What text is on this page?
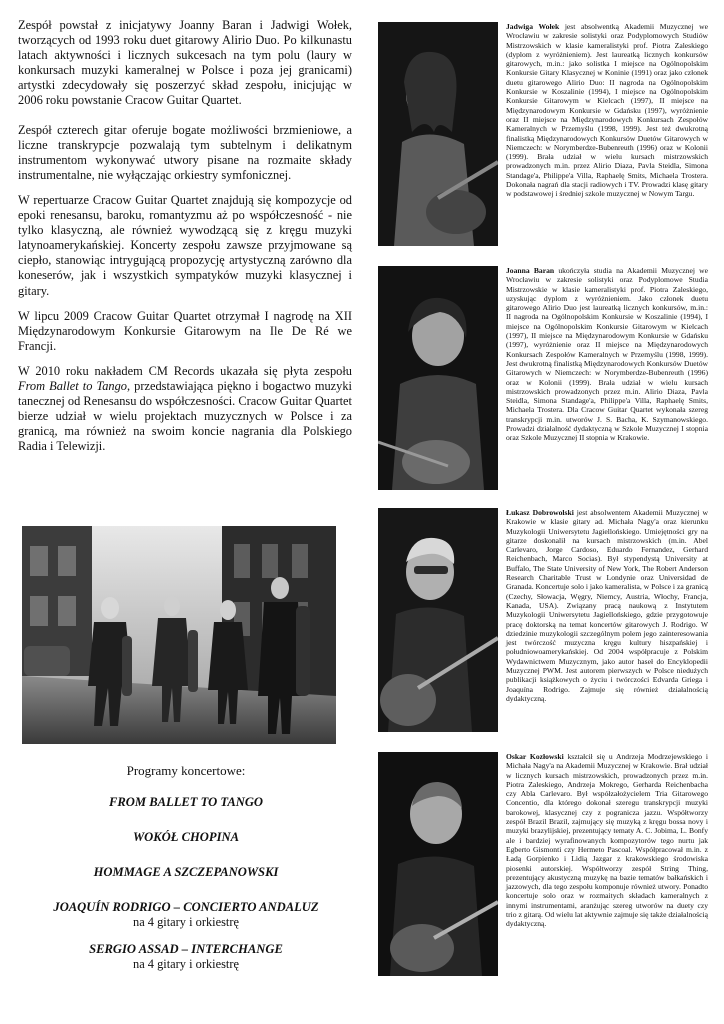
Zespół powstał z inicjatywy Joanny Baran i Jadwigi Wołek, tworzących od 1993 roku duet gitarowy Alirio Duo. Po kilkunastu latach aktywności i licznych sukcesach na tym polu (laury w konkursach muzyki kameralnej w Polsce i poza jej granicami) artystki zdecydowały się poszerzyć skład zespołu, inicjując w 2006 roku powstanie Cracow Guitar Quartet.

Zespół czterech gitar oferuje bogate możliwości brzmieniowe, a liczne transkrypcje pozwalają tym subtelnym i delikatnym instrumentom wykonywać utwory pisane na rozmaite składy instrumentalne, nie wyłączając orkiestry symfonicznej.

W repertuarze Cracow Guitar Quartet znajdują się kompozycje od epoki renesansu, baroku, romantyzmu aż po współczesność - nie tylko klasyczną, ale również wywodzącą się z kręgu muzyki latynoamerykańskiej. Koncerty zespołu zawsze przyjmowane są ciepło, stanowiąc intrygującą propozycję artystyczną zarówno dla koneserów, jak i wszystkich sympatyków muzyki klasycznej i gitary.

W lipcu 2009 Cracow Guitar Quartet otrzymał I nagrodę na XII Międzynarodowym Konkursie Gitarowym na Ile De Ré we Francji.

W 2010 roku nakładem CM Records ukazała się płyta zespołu From Ballet to Tango, przedstawiająca piękno i bogactwo muzyki tanecznej od Renesansu do współczesności. Cracow Guitar Quartet bierze udział w wielu projektach muzycznych w Polsce i za granicą, ma również na swoim koncie nagrania dla Polskiego Radia i Telewizji.

Programy koncertowe:

FROM BALLET TO TANGO

WOKÓŁ CHOPINA

HOMMAGE A SZCZEPANOWSKI

JOAQUÍN RODRIGO – CONCIERTO ANDALUZ

na 4 gitary i orkiestrę

SERGIO ASSAD – INTERCHANGE

na 4 gitary i orkiestrę

Jadwiga Wołek jest absolwentką Akademii Muzycznej we Wrocławiu w zakresie solistyki oraz Podyplomowych Studiów Mistrzowskich w klasie kameralistyki prof. Piotra Zaleskiego (dyplom z wyróżnieniem). Jest laureatką licznych konkursów gitarowych, m.in.: jako solistka I miejsce na Ogólnopolskim Konkursie Gitary Klasycznej w Koninie (1991) oraz jako członek duetu gitarowego Alirio Duo: II nagroda na Ogólnopolskim Konkursie w Koszalinie (1994), I miejsce na Ogólnopolskim Konkursie Gitarowym w Kielcach (1997), II miejsce na Międzynarodowym Konkursie w Gdańsku (1997), wyróżnienie oraz II miejsce na Międzynarodowych Konkursach Zespołów Kameralnych w Przemyślu (1998, 1999). Jest też dwukrotną finalistką Międzynarodowych Konkursów Duetów Gitarowych w Niemczech: w Norymberdze-Bubenreuth (1996) oraz w Kolonii (1999). Brała udział w wielu kursach mistrzowskich prowadzonych m.in. przez Alirio Diaza, Pavla Steidla, Simona Standage'a, Philippe'a Villa, Raphaelę Smits, Michaela Trostera. Dokonała nagrań dla stacji radiowych i TV. Prowadzi klasę gitary w podstawowej i średniej szkole muzycznej w Nowym Targu.
Joanna Baran ukończyła studia na Akademii Muzycznej we Wrocławiu w zakresie solistyki oraz Podyplomowe Studia Mistrzowskie w klasie kameralistyki prof. Piotra Zaleskiego, uzyskując dyplom z wyróżnieniem. Jako członek duetu gitarowego Alirio Duo jest laureatką licznych konkursów, m.in.: II nagroda na Ogólnopolskim Konkursie w Koszalinie (1994), I miejsce na Ogólnopolskim Konkursie Gitarowym w Kielcach (1997), II miejsce na Międzynarodowym Konkursie w Gdańsku (1997), wyróżnienie oraz II miejsce na Międzynarodowych Konkursach Zespołów Kameralnych w Przemyślu (1998, 1999). Jest dwukrotną finalistką Międzynarodowych Konkursów Duetów Gitarowych w Niemczech: w Norymberdze-Bubenreuth (1996) oraz w Kolonii (1999). Brała udział w wielu kursach mistrzowskich prowadzonych przez m.in. Alirio Diaza, Pavla Steidla, Simona Standage'a, Philippe'a Villa, Raphaelę Smits, Michaela Trostera. Dla Cracow Guitar Quartet wykonała szereg transkrypcji m.in. utworów J. S. Bacha, K. Szymanowskiego. Prowadzi działalność dydaktyczną w Szkole Muzycznej I stopnia oraz Szkole Muzycznej II stopnia w Krakowie.
Łukasz Dobrowolski jest absolwentem Akademii Muzycznej w Krakowie w klasie gitary ad. Michała Nagy'a oraz kierunku Muzykologii Uniwersytetu Jagiellońskiego. Umiejętności gry na gitarze doskonalił na kursach mistrzowskich (m.in. Abel Carlevaro, Jorge Cardoso, Eduardo Fernandez, Gerhard Reichenbach, Marco Socias). Był stypendystą University at Buffalo, The State University of New York, The Robert Anderson Research Charitable Trust w Londynie oraz Universidad de Granada. Koncertuje solo i jako kameralista, w Polsce i za granicą (Czechy, Słowacja, Węgry, Niemcy, Austria, Włochy, Francja, Kanada, USA). Związany pracą naukową z Instytutem Muzykologii Uniwersytetu Jagiellońskiego, gdzie przygotowuje pracę doktorską na temat koncertów gitarowych J. Rodrigo. W dziedzinie muzykologii szczególnym polem jego zainteresowania jest twórczość muzyczna kręgu kultury hiszpańskiej i południowoamerykańskiej. Od 2004 współpracuje z Polskim Wydawnictwem Muzycznym, jako autor haseł do Encyklopedii Muzycznej PWM. Jest autorem pierwszych w Polsce niedużych publikacji książkowych o życiu i twórczości Edvarda Griega i Joaquína Rodrigo. Zajmuje się również działalnością dydaktyczną.
Oskar Kozłowski kształcił się u Andrzeja Modrzejewskiego i Michała Nagy'a na Akademii Muzycznej w Krakowie. Brał udział w licznych kursach mistrzowskich, prowadzonych przez m.in. Piotra Zaleskiego, Andrzeja Mokrego, Gerharda Reichenbacha czy Abla Carlevaro. Był współzałożycielem Tria Gitarowego Concentio, dla którego dokonał szeregu transkrypcji muzyki barokowej, klasycznej czy z pogranicza jazzu. Współtworzy zespół Brazil Brazil, zajmujący się muzyką z kręgu bossa novy i muzyki brazylijskiej, prezentujący tematy A. C. Jobima, L. Bonfy ale i bardziej wyrafinowanych kompozytorów tego nurtu jak Egberto Gismonti czy Hermeto Pascoal. Współpracował m.in. z Ładą Gorpienko i Lidią Jazgar z krakowskiego środowiska piosenki autorskiej. Współtworzy zespół String Thing, prezentujący akustyczną muzykę na bazie tematów bałkańskich i jazzowych, dla tego zespołu komponuje również utwory. Ponadto koncertuje solo oraz w rozmaitych składach kameralnych z innymi instrumentami, aranżując szereg utworów na duety czy trio z gitarą. Od wielu lat aktywnie zajmuje się także działalnością dydaktyczną.
